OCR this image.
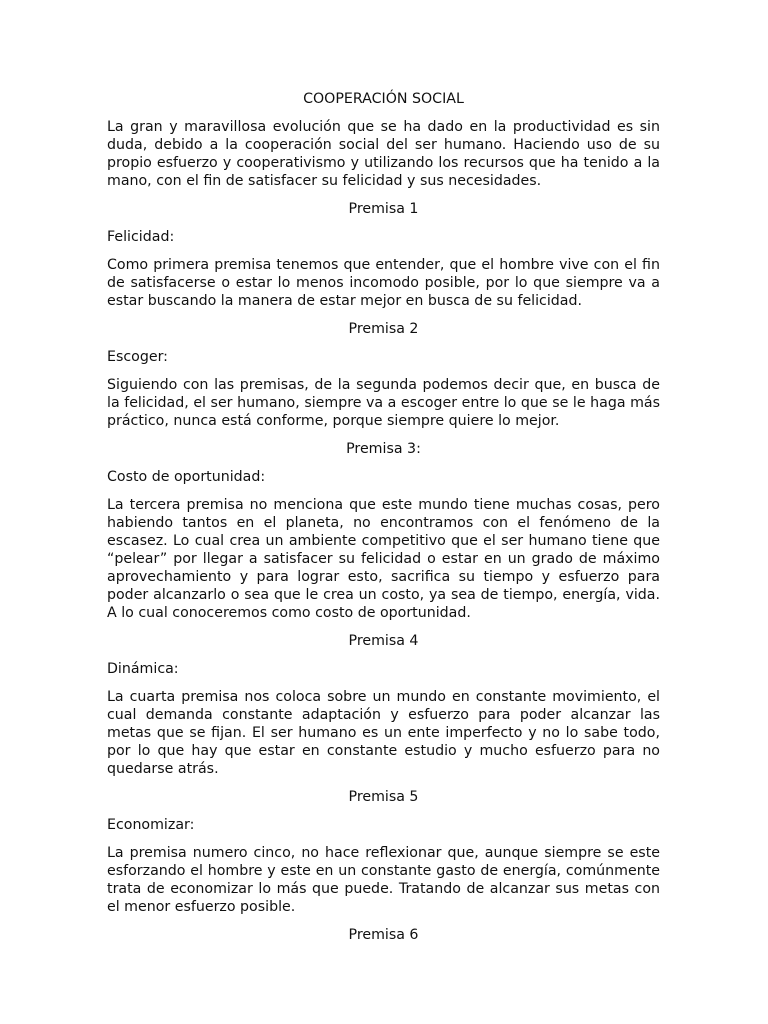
COOPERACIÓN SOCIAL

La gran y maravillosa evolución que se ha dado en la productividad es sin duda, debido a la cooperación social del ser humano. Haciendo uso de su propio esfuerzo y cooperativismo y utilizando los recursos que ha tenido a la mano, con el fin de satisfacer su felicidad y sus necesidades.

Premisa 1

Felicidad:

Como primera premisa tenemos que entender, que el hombre vive con el fin de satisfacerse o estar lo menos incomodo posible, por lo que siempre va a estar buscando la manera de estar mejor en busca de su felicidad.

Premisa 2

Escoger:

Siguiendo con las premisas, de la segunda podemos decir que, en busca de la felicidad, el ser humano, siempre va a escoger entre lo que se le haga más práctico, nunca está conforme, porque siempre quiere lo mejor.

Premisa 3:

Costo de oportunidad:

La tercera premisa no menciona que este mundo tiene muchas cosas, pero habiendo tantos en el planeta, no encontramos con el fenómeno de la escasez. Lo cual crea un ambiente competitivo que el ser humano tiene que “pelear” por llegar a satisfacer su felicidad o estar en un grado de máximo aprovechamiento y para lograr esto, sacrifica su tiempo y esfuerzo para poder alcanzarlo o sea que le crea un costo, ya sea de tiempo, energía, vida. A lo cual conoceremos como costo de oportunidad.

Premisa 4

Dinámica:

La cuarta premisa nos coloca sobre un mundo en constante movimiento, el cual demanda constante adaptación y esfuerzo para poder alcanzar las metas que se fijan. El ser humano es un ente imperfecto y no lo sabe todo, por lo que hay que estar en constante estudio y mucho esfuerzo para no quedarse atrás.

Premisa 5

Economizar:

La premisa numero cinco, no hace reflexionar que, aunque siempre se este esforzando el hombre y este en un constante gasto de energía, comúnmente trata de economizar lo más que puede. Tratando de alcanzar sus metas con el menor esfuerzo posible.

Premisa 6
